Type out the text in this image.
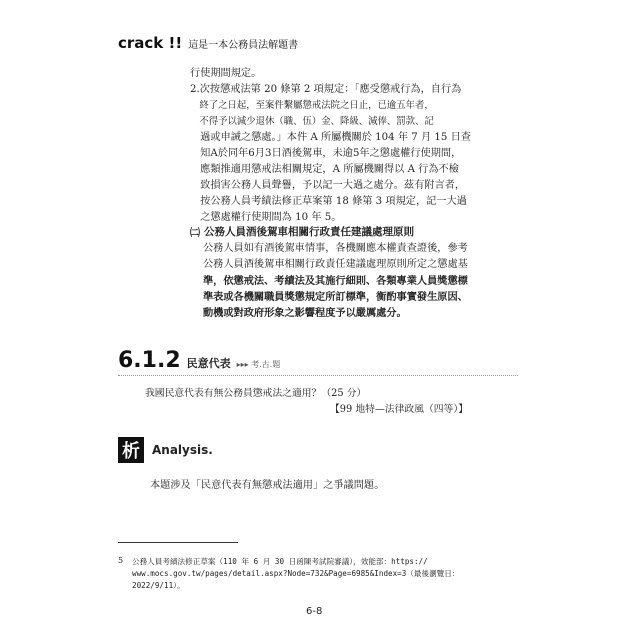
crack !! 這是一本公務員法解題書
行使期間規定。
2.次按懲戒法第 20 條第 2 項規定：「應受懲戒行為，自行為
　終了之日起，至案件繫屬懲戒法院之日止，已逾五年者，
　不得予以減少退休（職、伍）金、降級、減俸、罰款、記
　過或申誡之懲處。」本件 A 所屬機關於 104 年 7 月 15 日查
　知A於同年6月3日酒後駕車，未逾5年之懲處權行使期間，
　應類推適用懲戒法相關規定，A 所屬機關得以 A 行為不檢
　致損害公務人員聲譽，予以記一大過之處分。茲有附言者，
　按公務人員考績法修正草案第 18 條第 3 項規定，記一大過
　之懲處權行使期間為 10 年 5。
㈡ 公務人員酒後駕車相關行政責任建議處理原則
公務人員如有酒後駕車情事，各機關應本權責查證後，參考
公務人員酒後駕車相關行政責任建議處理原則所定之懲處基
準，依懲戒法、考績法及其施行細則、各類專業人員獎懲標
準表或各機關職員獎懲規定所訂標準，衡酌事實發生原因、
動機或對政府形象之影響程度予以嚴厲處分。
6.1.2 民意代表 ▸▸▸ 考.古.題
我國民意代表有無公務員懲戒法之適用？（25 分）
【99 地特—法律政風（四等）】
析	Analysis.
本題涉及「民意代表有無懲戒法適用」之爭議問題。
5 公務人員考績法修正草案（110 年 6 月 30 日函陳考試院審議），效能部：https://
www.mocs.gov.tw/pages/detail.aspx?Node=732&Page=6985&Index=3（最後瀏覽日：
2022/9/11）。
6-8
